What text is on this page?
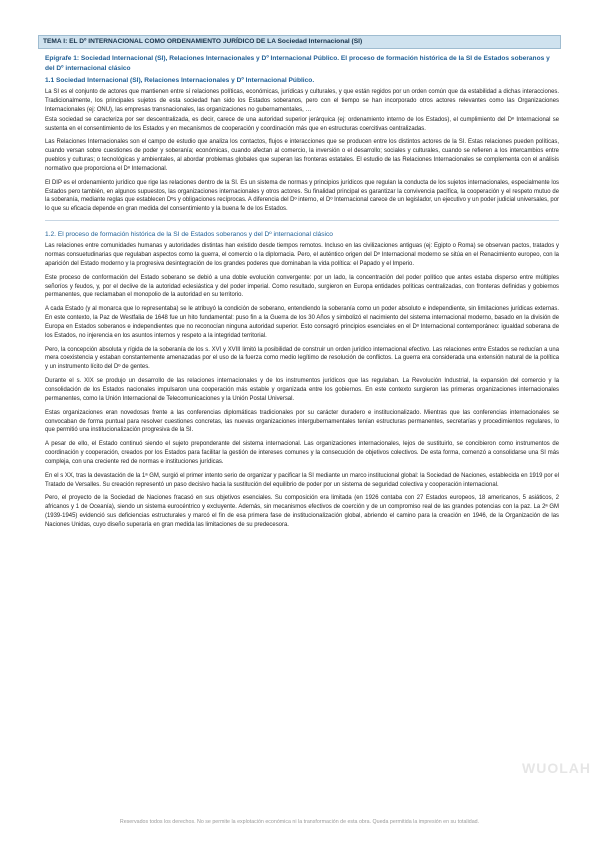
TEMA I: EL Dº INTERNACIONAL COMO ORDENAMIENTO JURÍDICO DE LA Sociedad Internacional (SI)
Epígrafe 1: Sociedad Internacional (SI), Relaciones Internacionales y Dº Internacional Público. El proceso de formación histórica de la SI de Estados soberanos y del Dº internacional clásico
1.1 Sociedad Internacional (SI), Relaciones Internacionales y Dº Internacional Público.

La SI es el conjunto de actores que mantienen entre sí relaciones políticas, económicas, jurídicas y culturales, y que están regidos por un orden común que da estabilidad a dichas interacciones. Tradicionalmente, los principales sujetos de esta sociedad han sido los Estados soberanos, pero con el tiempo se han incorporado otros actores relevantes como las Organizaciones Internacionales (ej: ONU), las empresas transnacionales, las organizaciones no gubernamentales, …

Esta sociedad se caracteriza por ser descentralizada, es decir, carece de una autoridad superior jerárquica (ej: ordenamiento interno de los Estados), el cumplimiento del Dº Internacional se sustenta en el consentimiento de los Estados y en mecanismos de cooperación y coordinación más que en estructuras coercitivas centralizadas.

Las Relaciones Internacionales son el campo de estudio que analiza los contactos, flujos e interacciones que se producen entre los distintos actores de la SI. Estas relaciones pueden políticas, cuando versan sobre cuestiones de poder y soberanía; económicas, cuando afectan al comercio, la inversión o el desarrollo; sociales y culturales, cuando se refieren a los intercambios entre pueblos y culturas; o tecnológicas y ambientales, al abordar problemas globales que superan las fronteras estatales. El estudio de las Relaciones Internacionales se complementa con el análisis normativo que proporciona el Dº Internacional.

El DIP es el ordenamiento jurídico que rige las relaciones dentro de la SI. Es un sistema de normas y principios jurídicos que regulan la conducta de los sujetos internacionales, especialmente los Estados pero también, en algunos supuestos, las organizaciones internacionales y otros actores. Su finalidad principal es garantizar la convivencia pacífica, la cooperación y el respeto mutuo de la soberanía, mediante reglas que establecen Dºs y obligaciones recíprocas. A diferencia del Dº interno, el Dº Internacional carece de un legislador, un ejecutivo y un poder judicial universales, por lo que su eficacia depende en gran medida del consentimiento y la buena fe de los Estados.

1.2. El proceso de formación histórica de la SI de Estados soberanos y del Dº internacional clásico

Las relaciones entre comunidades humanas y autoridades distintas han existido desde tiempos remotos. Incluso en las civilizaciones antiguas (ej: Egipto o Roma) se observan pactos, tratados y normas consuetudinarias que regulaban aspectos como la guerra, el comercio o la diplomacia. Pero, el auténtico origen del Dº Internacional moderno se sitúa en el Renacimiento europeo, con la aparición del Estado moderno y la progresiva desintegración de los grandes poderes que dominaban la vida política: el Papado y el Imperio.

Este proceso de conformación del Estado soberano se debió a una doble evolución convergente: por un lado, la concentración del poder político que antes estaba disperso entre múltiples señoríos y feudos, y, por el declive de la autoridad eclesiástica y del poder imperial. Como resultado, surgieron en Europa entidades políticas centralizadas, con fronteras definidas y gobiernos permanentes, que reclamaban el monopolio de la autoridad en su territorio.

A cada Estado (y al monarca que lo representaba) se le atribuyó la condición de soberano, entendiendo la soberanía como un poder absoluto e independiente, sin limitaciones jurídicas externas. En este contexto, la Paz de Westfalia de 1648 fue un hito fundamental: puso fin a la Guerra de los 30 Años y simbolizó el nacimiento del sistema internacional moderno, basado en la división de Europa en Estados soberanos e independientes que no reconocían ninguna autoridad superior. Esto consagró principios esenciales en el Dº Internacional contemporáneo: igualdad soberana de los Estados, no injerencia en los asuntos internos y respeto a la integridad territorial.

Pero, la concepción absoluta y rígida de la soberanía de los s. XVI y XVIII limitó la posibilidad de construir un orden jurídico internacional efectivo. Las relaciones entre Estados se reducían a una mera coexistencia y estaban constantemente amenazadas por el uso de la fuerza como medio legítimo de resolución de conflictos. La guerra era considerada una extensión natural de la política y un instrumento lícito del Dº de gentes.

Durante el s. XIX se produjo un desarrollo de las relaciones internacionales y de los instrumentos jurídicos que las regulaban. La Revolución Industrial, la expansión del comercio y la consolidación de los Estados nacionales impulsaron una cooperación más estable y organizada entre los gobiernos. En este contexto surgieron las primeras organizaciones internacionales permanentes, como la Unión Internacional de Telecomunicaciones y la Unión Postal Universal.

Estas organizaciones eran novedosas frente a las conferencias diplomáticas tradicionales por su carácter duradero e institucionalizado. Mientras que las conferencias internacionales se convocaban de forma puntual para resolver cuestiones concretas, las nuevas organizaciones intergubernamentales tenían estructuras permanentes, secretarías y procedimientos regulares, lo que permitió una institucionalización progresiva de la SI.

A pesar de ello, el Estado continuó siendo el sujeto preponderante del sistema internacional. Las organizaciones internacionales, lejos de sustituirlo, se concibieron como instrumentos de coordinación y cooperación, creados por los Estados para facilitar la gestión de intereses comunes y la consecución de objetivos colectivos. De esta forma, comenzó a consolidarse una SI más compleja, con una creciente red de normas e instituciones jurídicas.

En el s XX, tras la devastación de la 1ª GM, surgió el primer intento serio de organizar y pacificar la SI mediante un marco institucional global: la Sociedad de Naciones, establecida en 1919 por el Tratado de Versalles. Su creación representó un paso decisivo hacia la sustitución del equilibrio de poder por un sistema de seguridad colectiva y cooperación internacional.

Pero, el proyecto de la Sociedad de Naciones fracasó en sus objetivos esenciales. Su composición era limitada (en 1926 contaba con 27 Estados europeos, 18 americanos, 5 asiáticos, 2 africanos y 1 de Oceanía), siendo un sistema eurocéntrico y excluyente. Además, sin mecanismos efectivos de coerción y de un compromiso real de las grandes potencias con la paz. La 2ª GM (1939-1945) evidenció sus deficiencias estructurales y marcó el fin de esa primera fase de institucionalización global, abriendo el camino para la creación en 1946, de la Organización de las Naciones Unidas, cuyo diseño superaría en gran medida las limitaciones de su predecesora.

WUOLAH
Reservados todos los derechos. No se permite la explotación económica ni la transformación de esta obra. Queda permitida la impresión en su totalidad.
